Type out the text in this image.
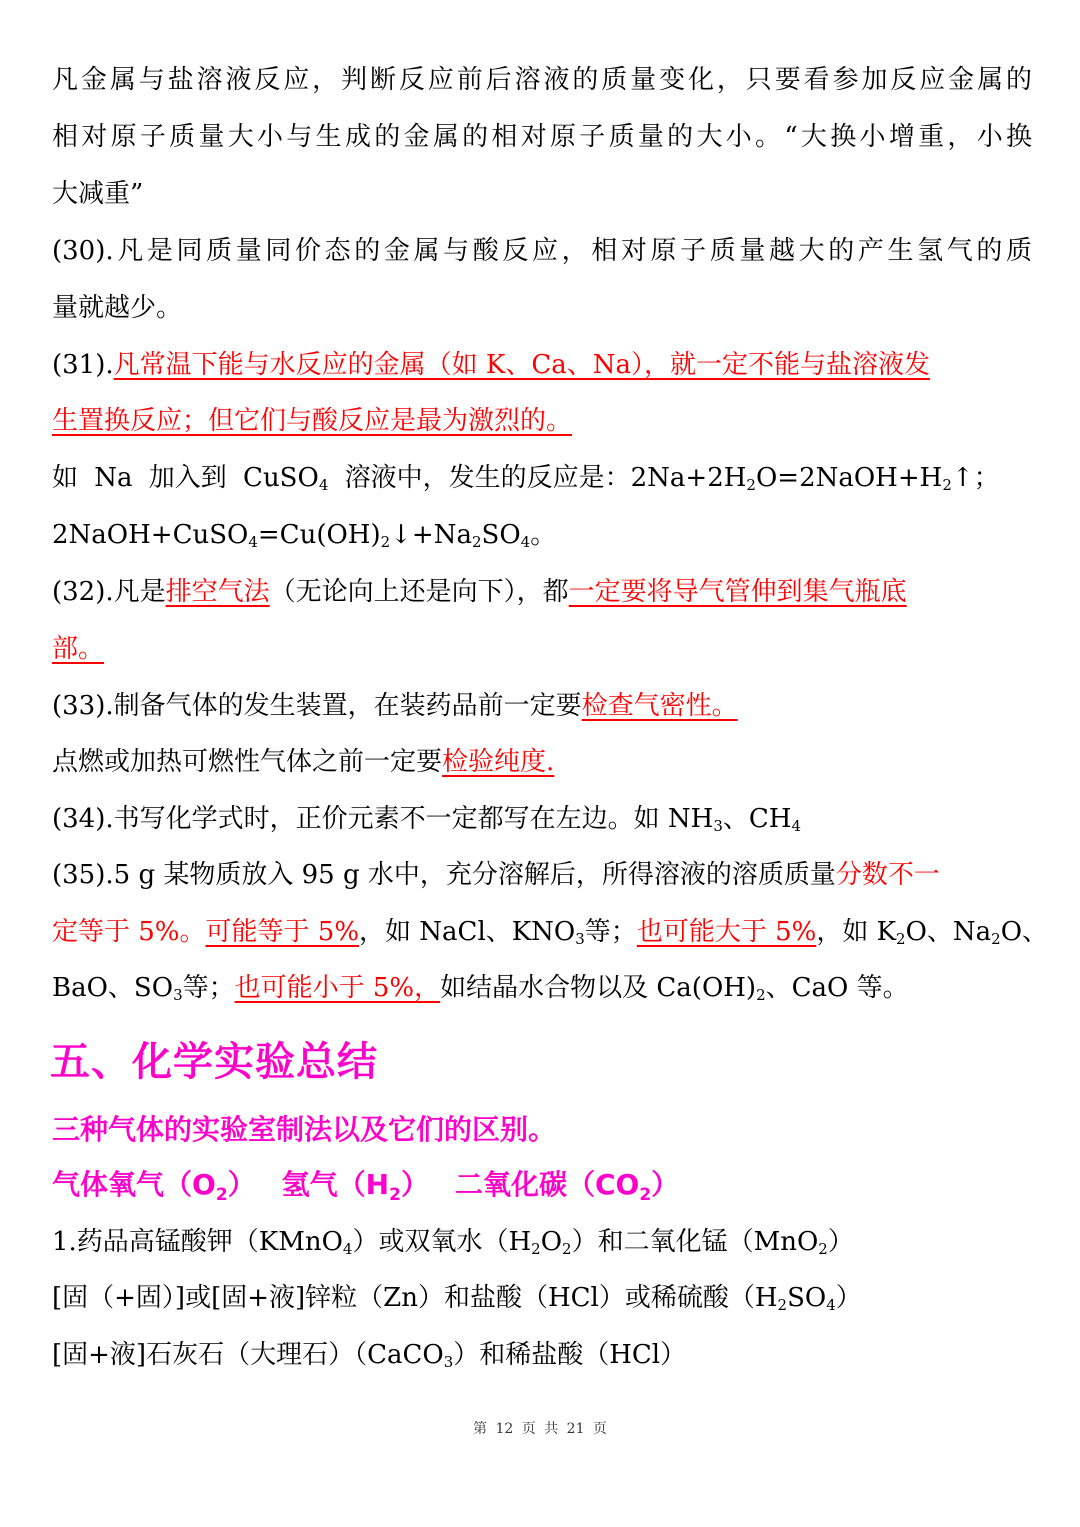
凡金属与盐溶液反应，判断反应前后溶液的质量变化，只要看参加反应金属的
相对原子质量大小与生成的金属的相对原子质量的大小。“大换小增重，小换
大减重”
(30).凡是同质量同价态的金属与酸反应，相对原子质量越大的产生氢气的质
量就越少。
(31).凡常温下能与水反应的金属（如 K、Ca、Na），就一定不能与盐溶液发
生置换反应；但它们与酸反应是最为激烈的。
如 Na 加入到 CuSO$_4$ 溶液中，发生的反应是：$2Na+2H_2O=2NaOH+H_2↑$；
$2NaOH+CuSO_4=Cu(OH)_2↓+Na_2SO_4$。
(32).凡是排空气法（无论向上还是向下），都一定要将导气管伸到集气瓶底
部。
(33).制备气体的发生装置，在装药品前一定要检查气密性。
点燃或加热可燃性气体之前一定要检验纯度.
(34).书写化学式时，正价元素不一定都写在左边。如 $NH_3$、$CH_4$
(35).5 g 某物质放入 95 g 水中，充分溶解后，所得溶液的溶质质量分数不一
定等于 5%。可能等于 5%，如 NaCl、$KNO_3$等；也可能大于 5%，如 $K_2O$、$Na_2O$、
BaO、$SO_3$等；也可能小于 5%，如结晶水合物以及 $Ca(OH)_2$、CaO 等。
五、化学实验总结
三种气体的实验室制法以及它们的区别。
气体氧气$(O_2)$ 氢气$(H_2)$ 二氧化碳$(CO_2)$
1.药品高锰酸钾（KMnO$_4$）或双氧水$(H_2O_2)$和二氧化锰（MnO$_2$）
[固（+固）]或[固+液]锌粒（Zn）和盐酸（HCl）或稀硫酸$(H_2SO_4)$
[固+液]石灰石（大理石）（CaCO$_3$）和稀盐酸（HCl）
第 12 页 共 21 页
